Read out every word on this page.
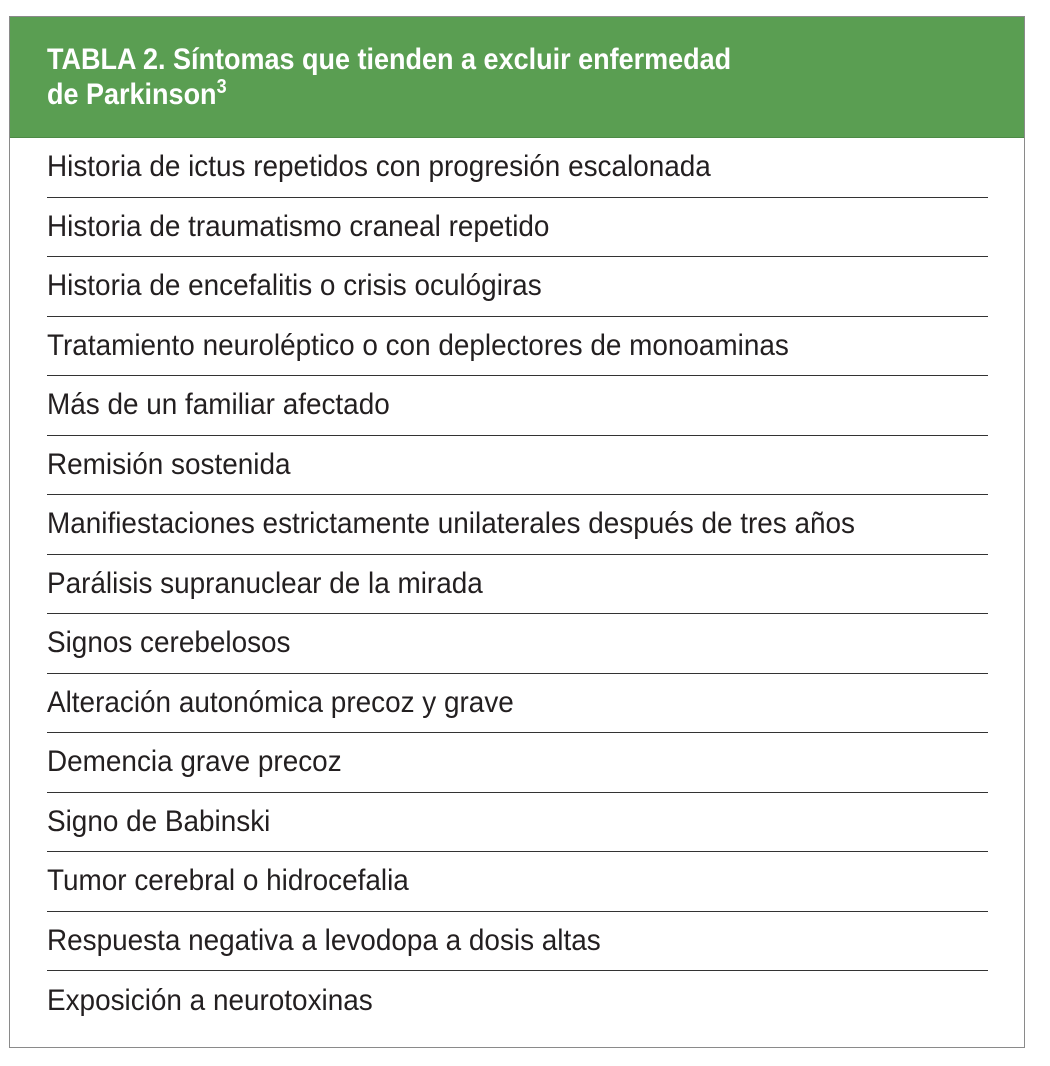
TABLA 2. Síntomas que tienden a excluir enfermedad
de Parkinson$^3$
Historia de ictus repetidos con progresión escalonada
Historia de traumatismo craneal repetido
Historia de encefalitis o crisis oculógiras
Tratamiento neuroléptico o con deplectores de monoaminas
Más de un familiar afectado
Remisión sostenida
Manifiestaciones estrictamente unilaterales después de tres años
Parálisis supranuclear de la mirada
Signos cerebelosos
Alteración autonómica precoz y grave
Demencia grave precoz
Signo de Babinski
Tumor cerebral o hidrocefalia
Respuesta negativa a levodopa a dosis altas
Exposición a neurotoxinas
